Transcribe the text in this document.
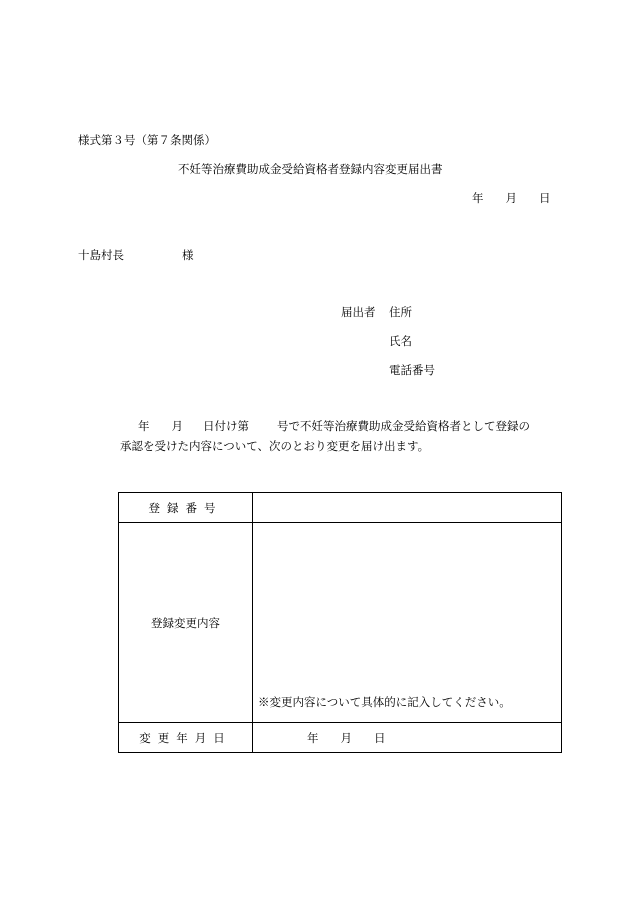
様式第３号（第７条関係）
不妊等治療費助成金受給資格者登録内容変更届出書
年 月 日
十島村長	様
届出者 住所
氏名
電話番号
年 月 日付け第 号で不妊等治療費助成金受給資格者として登録の
承認を受けた内容について、次のとおり変更を届け出ます。
登録番号	
登録変更内容	※変更内容について具体的に記入してください。

変更年月日	年 月 日
